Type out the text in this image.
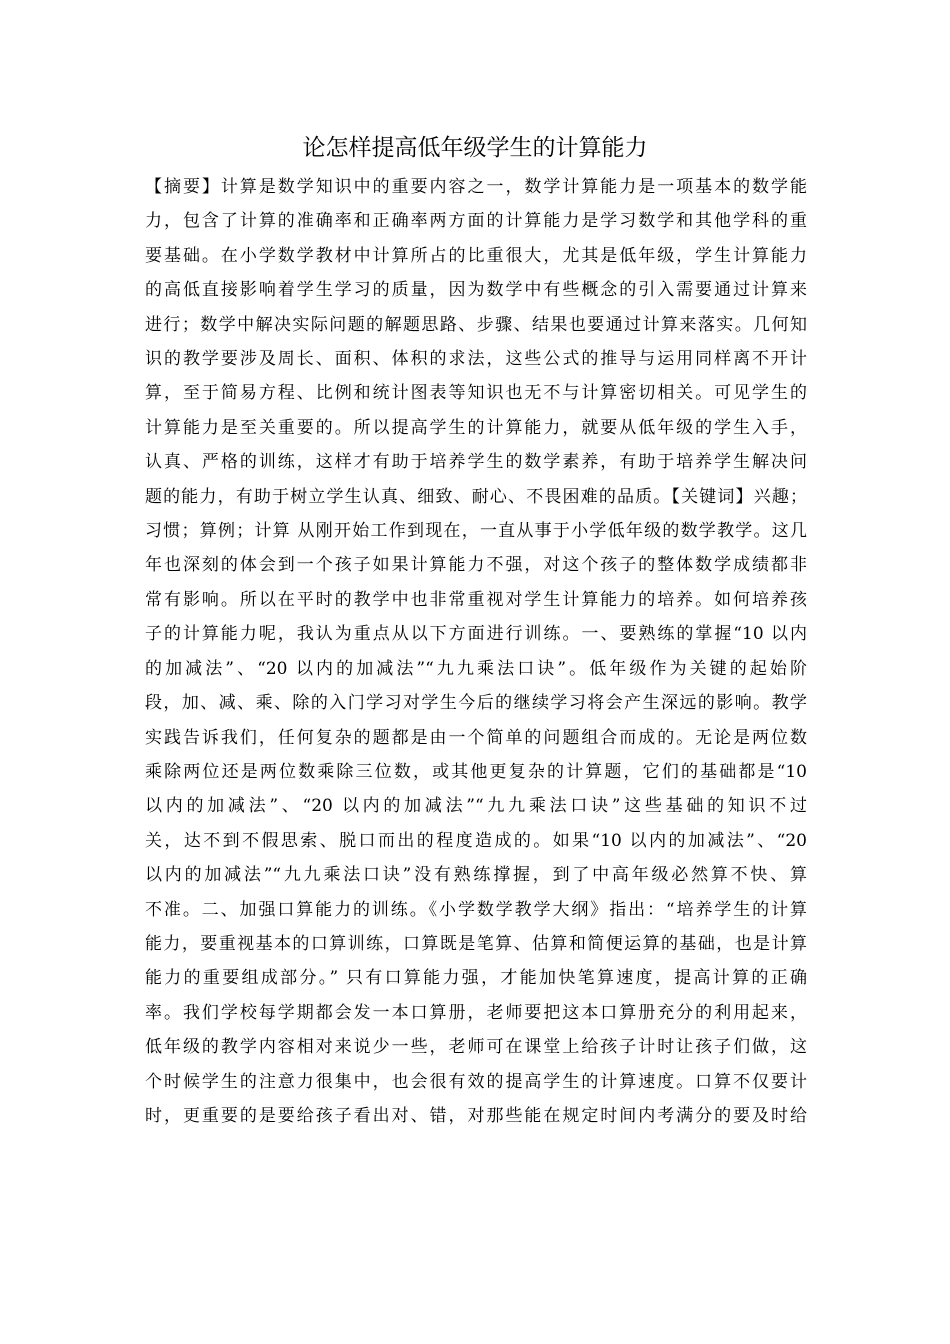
论怎样提高低年级学生的计算能力
【摘要】计算是数学知识中的重要内容之一，数学计算能力是一项基本的数学能
力，包含了计算的准确率和正确率两方面的计算能力是学习数学和其他学科的重
要基础。在小学数学教材中计算所占的比重很大，尤其是低年级，学生计算能力
的高低直接影响着学生学习的质量，因为数学中有些概念的引入需要通过计算来
进行；数学中解决实际问题的解题思路、步骤、结果也要通过计算来落实。几何知
识的教学要涉及周长、面积、体积的求法，这些公式的推导与运用同样离不开计
算，至于简易方程、比例和统计图表等知识也无不与计算密切相关。可见学生的
计算能力是至关重要的。所以提高学生的计算能力，就要从低年级的学生入手，
认真、严格的训练，这样才有助于培养学生的数学素养，有助于培养学生解决问
题的能力，有助于树立学生认真、细致、耐心、不畏困难的品质。【关键词】兴趣；
习惯；算例；计算 从刚开始工作到现在，一直从事于小学低年级的数学教学。这几
年也深刻的体会到一个孩子如果计算能力不强，对这个孩子的整体数学成绩都非
常有影响。所以在平时的教学中也非常重视对学生计算能力的培养。如何培养孩
子的计算能力呢，我认为重点从以下方面进行训练。一、要熟练的掌握“10 以内
的加减法”、“20 以内的加减法”“九九乘法口诀”。低年级作为关键的起始阶
段，加、减、乘、除的入门学习对学生今后的继续学习将会产生深远的影响。教学
实践告诉我们，任何复杂的题都是由一个简单的问题组合而成的。无论是两位数
乘除两位还是两位数乘除三位数，或其他更复杂的计算题，它们的基础都是“10
以内的加减法”、“20 以内的加减法”“九九乘法口诀”这些基础的知识不过
关，达不到不假思索、脱口而出的程度造成的。如果“10 以内的加减法”、“20
以内的加减法”“九九乘法口诀”没有熟练撑握，到了中高年级必然算不快、算
不准。二、加强口算能力的训练。《小学数学教学大纲》指出：“培养学生的计算
能力，要重视基本的口算训练，口算既是笔算、估算和简便运算的基础，也是计算
能力的重要组成部分。” 只有口算能力强，才能加快笔算速度，提高计算的正确
率。我们学校每学期都会发一本口算册，老师要把这本口算册充分的利用起来，
低年级的教学内容相对来说少一些，老师可在课堂上给孩子计时让孩子们做，这
个时候学生的注意力很集中，也会很有效的提高学生的计算速度。口算不仅要计
时，更重要的是要给孩子看出对、错，对那些能在规定时间内考满分的要及时给
